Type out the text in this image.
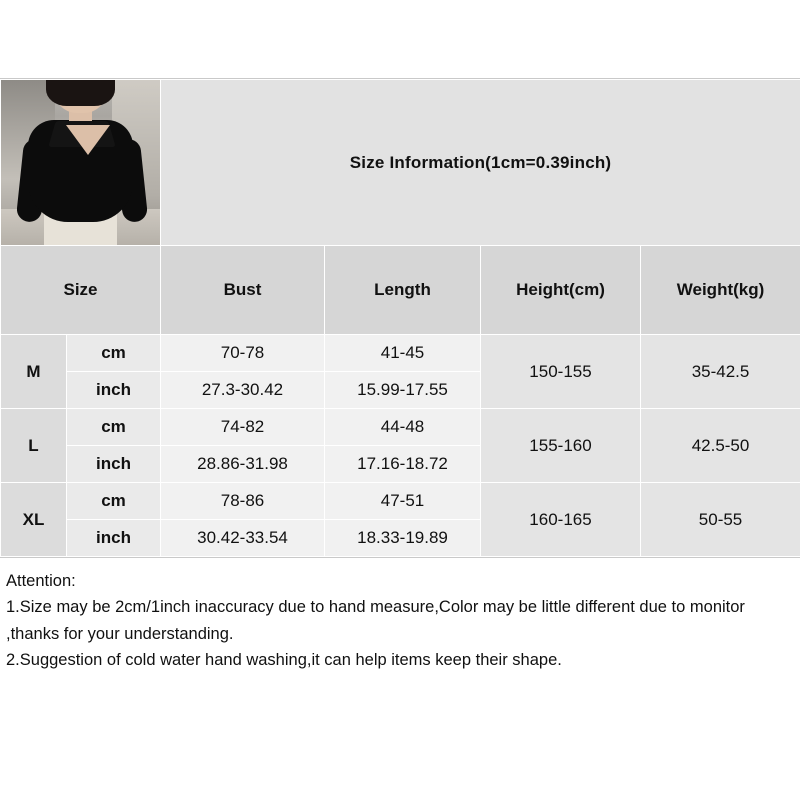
		Size Information(1cm=0.39inch)			
Size		Bust	Length	Height(cm)	Weight(kg)
M	cm	70-78	41-45	150-155	35-42.5
	inch	27.3-30.42	15.99-17.55		
L	cm	74-82	44-48	155-160	42.5-50
	inch	28.86-31.98	17.16-18.72		
XL	cm	78-86	47-51	160-165	50-55
	inch	30.42-33.54	18.33-19.89		
Attention:
1.Size may be 2cm/1inch inaccuracy due to hand measure,Color may be little different due to monitor ,thanks for your understanding.
2.Suggestion of cold water hand washing,it can help items keep their shape.
